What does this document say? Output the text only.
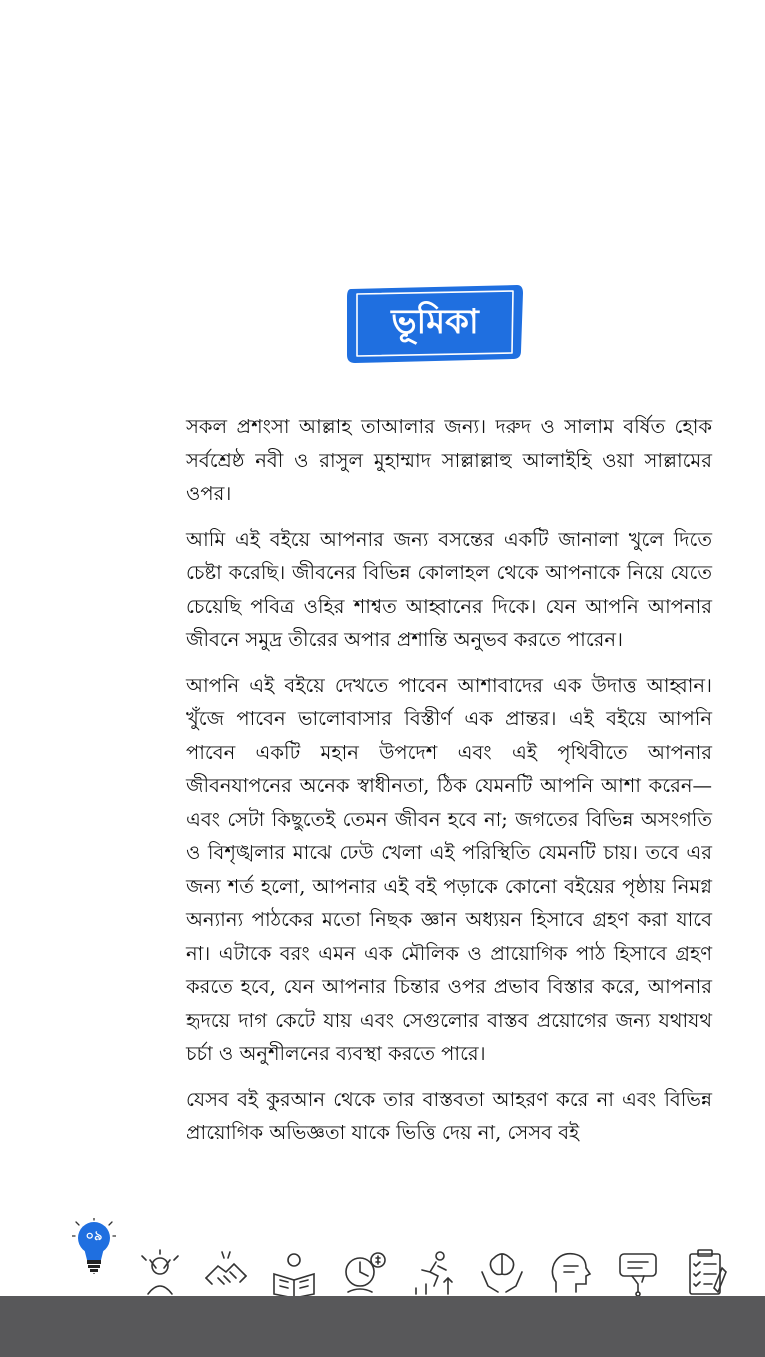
ভূমিকা

সকল প্রশংসা আল্লাহ তাআলার জন্য। দরুদ ও সালাম বর্ষিত হোক সর্বশ্রেষ্ঠ নবী ও রাসুল মুহাম্মাদ সাল্লাল্লাহু আলাইহি ওয়া সাল্লামের ওপর।

আমি এই বইয়ে আপনার জন্য বসন্তের একটি জানালা খুলে দিতে চেষ্টা করেছি। জীবনের বিভিন্ন কোলাহল থেকে আপনাকে নিয়ে যেতে চেয়েছি পবিত্র ওহির শাশ্বত আহ্বানের দিকে। যেন আপনি আপনার জীবনে সমুদ্র তীরের অপার প্রশান্তি অনুভব করতে পারেন।

আপনি এই বইয়ে দেখতে পাবেন আশাবাদের এক উদাত্ত আহ্বান। খুঁজে পাবেন ভালোবাসার বিস্তীর্ণ এক প্রান্তর। এই বইয়ে আপনি পাবেন একটি মহান উপদেশ এবং এই পৃথিবীতে আপনার জীবনযাপনের অনেক স্বাধীনতা, ঠিক যেমনটি আপনি আশা করেন—এবং সেটা কিছুতেই তেমন জীবন হবে না; জগতের বিভিন্ন অসংগতি ও বিশৃঙ্খলার মাঝে ঢেউ খেলা এই পরিস্থিতি যেমনটি চায়। তবে এর জন্য শর্ত হলো, আপনার এই বই পড়াকে কোনো বইয়ের পৃষ্ঠায় নিমগ্ন অন্যান্য পাঠকের মতো নিছক জ্ঞান অধ্যয়ন হিসাবে গ্রহণ করা যাবে না। এটাকে বরং এমন এক মৌলিক ও প্রায়োগিক পাঠ হিসাবে গ্রহণ করতে হবে, যেন আপনার চিন্তার ওপর প্রভাব বিস্তার করে, আপনার হৃদয়ে দাগ কেটে যায় এবং সেগুলোর বাস্তব প্রয়োগের জন্য যথাযথ চর্চা ও অনুশীলনের ব্যবস্থা করতে পারে।

যেসব বই কুরআন থেকে তার বাস্তবতা আহরণ করে না এবং বিভিন্ন প্রায়োগিক অভিজ্ঞতা যাকে ভিত্তি দেয় না, সেসব বই

০৯
